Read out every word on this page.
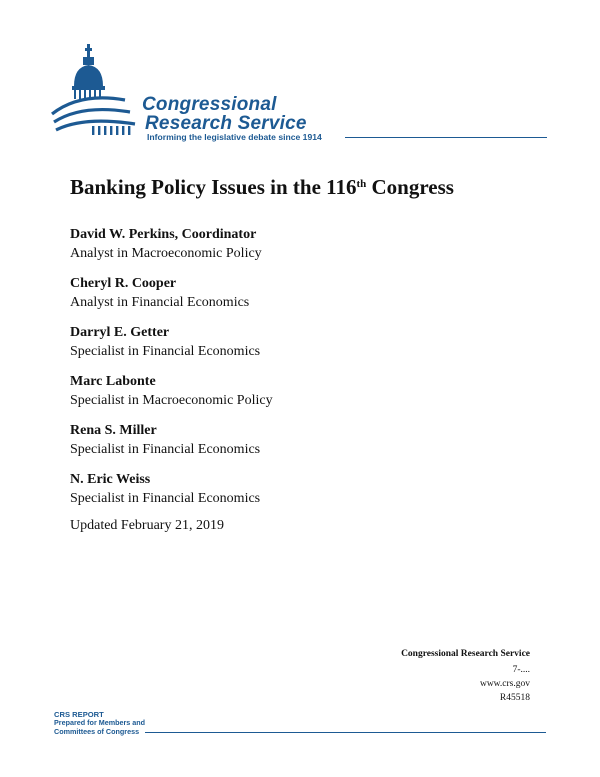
Congressional
Research Service
Informing the legislative debate since 1914
Banking Policy Issues in the 116th Congress
David W. Perkins, Coordinator
Analyst in Macroeconomic Policy
Cheryl R. Cooper
Analyst in Financial Economics
Darryl E. Getter
Specialist in Financial Economics
Marc Labonte
Specialist in Macroeconomic Policy
Rena S. Miller
Specialist in Financial Economics
N. Eric Weiss
Specialist in Financial Economics
Updated February 21, 2019
Congressional Research Service
7-....
www.crs.gov
R45518
CRS REPORT
Prepared for Members and
Committees of Congress
